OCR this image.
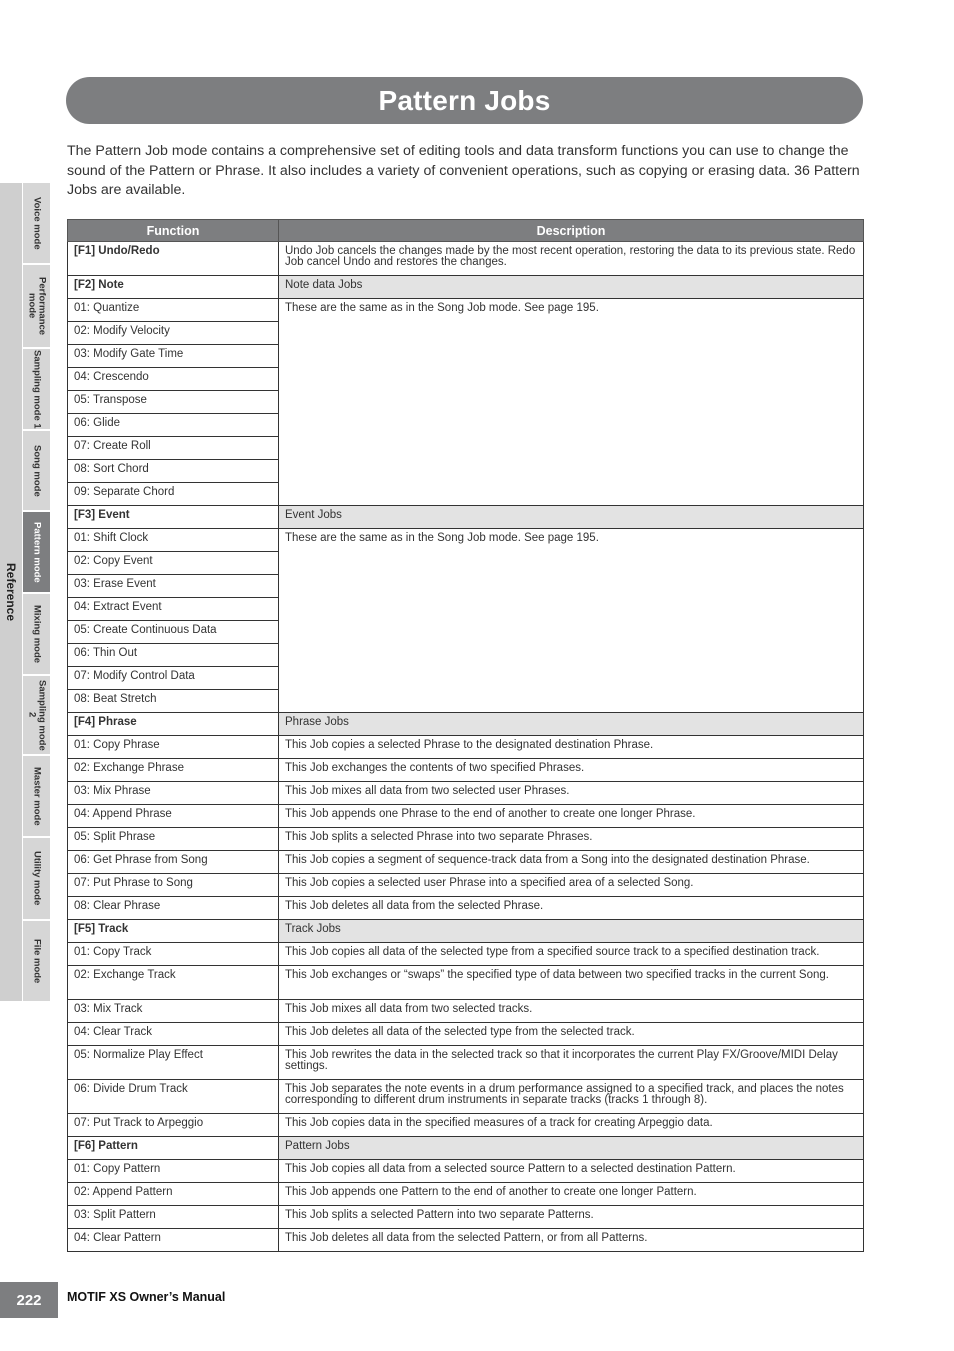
Pattern Jobs

The Pattern Job mode contains a comprehensive set of editing tools and data transform functions you can use to change the sound of the Pattern or Phrase. It also includes a variety of convenient operations, such as copying or erasing data. 36 Pattern Jobs are available.

Reference
Voice mode
Performance mode
Sampling mode 1
Song mode
Pattern mode
Mixing mode
Sampling mode 2
Master mode
Utility mode
File mode
Function	Description
[F1] Undo/Redo	Undo Job cancels the changes made by the most recent operation, restoring the data to its previous state. Redo Job cancel Undo and restores the changes.
[F2] Note	Note data Jobs
01: Quantize	These are the same as in the Song Job mode. See page 195.
02: Modify Velocity	
03: Modify Gate Time	
04: Crescendo	
05: Transpose	
06: Glide	
07: Create Roll	
08: Sort Chord	
09: Separate Chord	
[F3] Event	Event Jobs
01: Shift Clock	These are the same as in the Song Job mode. See page 195.
02: Copy Event	
03: Erase Event	
04: Extract Event	
05: Create Continuous Data	
06: Thin Out	
07: Modify Control Data	
08: Beat Stretch	
[F4] Phrase	Phrase Jobs
01: Copy Phrase	This Job copies a selected Phrase to the designated destination Phrase.
02: Exchange Phrase	This Job exchanges the contents of two specified Phrases.
03: Mix Phrase	This Job mixes all data from two selected user Phrases.
04: Append Phrase	This Job appends one Phrase to the end of another to create one longer Phrase.
05: Split Phrase	This Job splits a selected Phrase into two separate Phrases.
06: Get Phrase from Song	This Job copies a segment of sequence-track data from a Song into the designated destination Phrase.
07: Put Phrase to Song	This Job copies a selected user Phrase into a specified area of a selected Song.
08: Clear Phrase	This Job deletes all data from the selected Phrase.
[F5] Track	Track Jobs
01: Copy Track	This Job copies all data of the selected type from a specified source track to a specified destination track.
02: Exchange Track	This Job exchanges or “swaps” the specified type of data between two specified tracks in the current Song.
03: Mix Track	This Job mixes all data from two selected tracks.
04: Clear Track	This Job deletes all data of the selected type from the selected track.
05: Normalize Play Effect	This Job rewrites the data in the selected track so that it incorporates the current Play FX/Groove/MIDI Delay settings.
06: Divide Drum Track	This Job separates the note events in a drum performance assigned to a specified track, and places the notes corresponding to different drum instruments in separate tracks (tracks 1 through 8).
07: Put Track to Arpeggio	This Job copies data in the specified measures of a track for creating Arpeggio data.
[F6] Pattern	Pattern Jobs
01: Copy Pattern	This Job copies all data from a selected source Pattern to a selected destination Pattern.
02: Append Pattern	This Job appends one Pattern to the end of another to create one longer Pattern.
03: Split Pattern	This Job splits a selected Pattern into two separate Patterns.
04: Clear Pattern	This Job deletes all data from the selected Pattern, or from all Patterns.
222	MOTIF XS Owner’s Manual
